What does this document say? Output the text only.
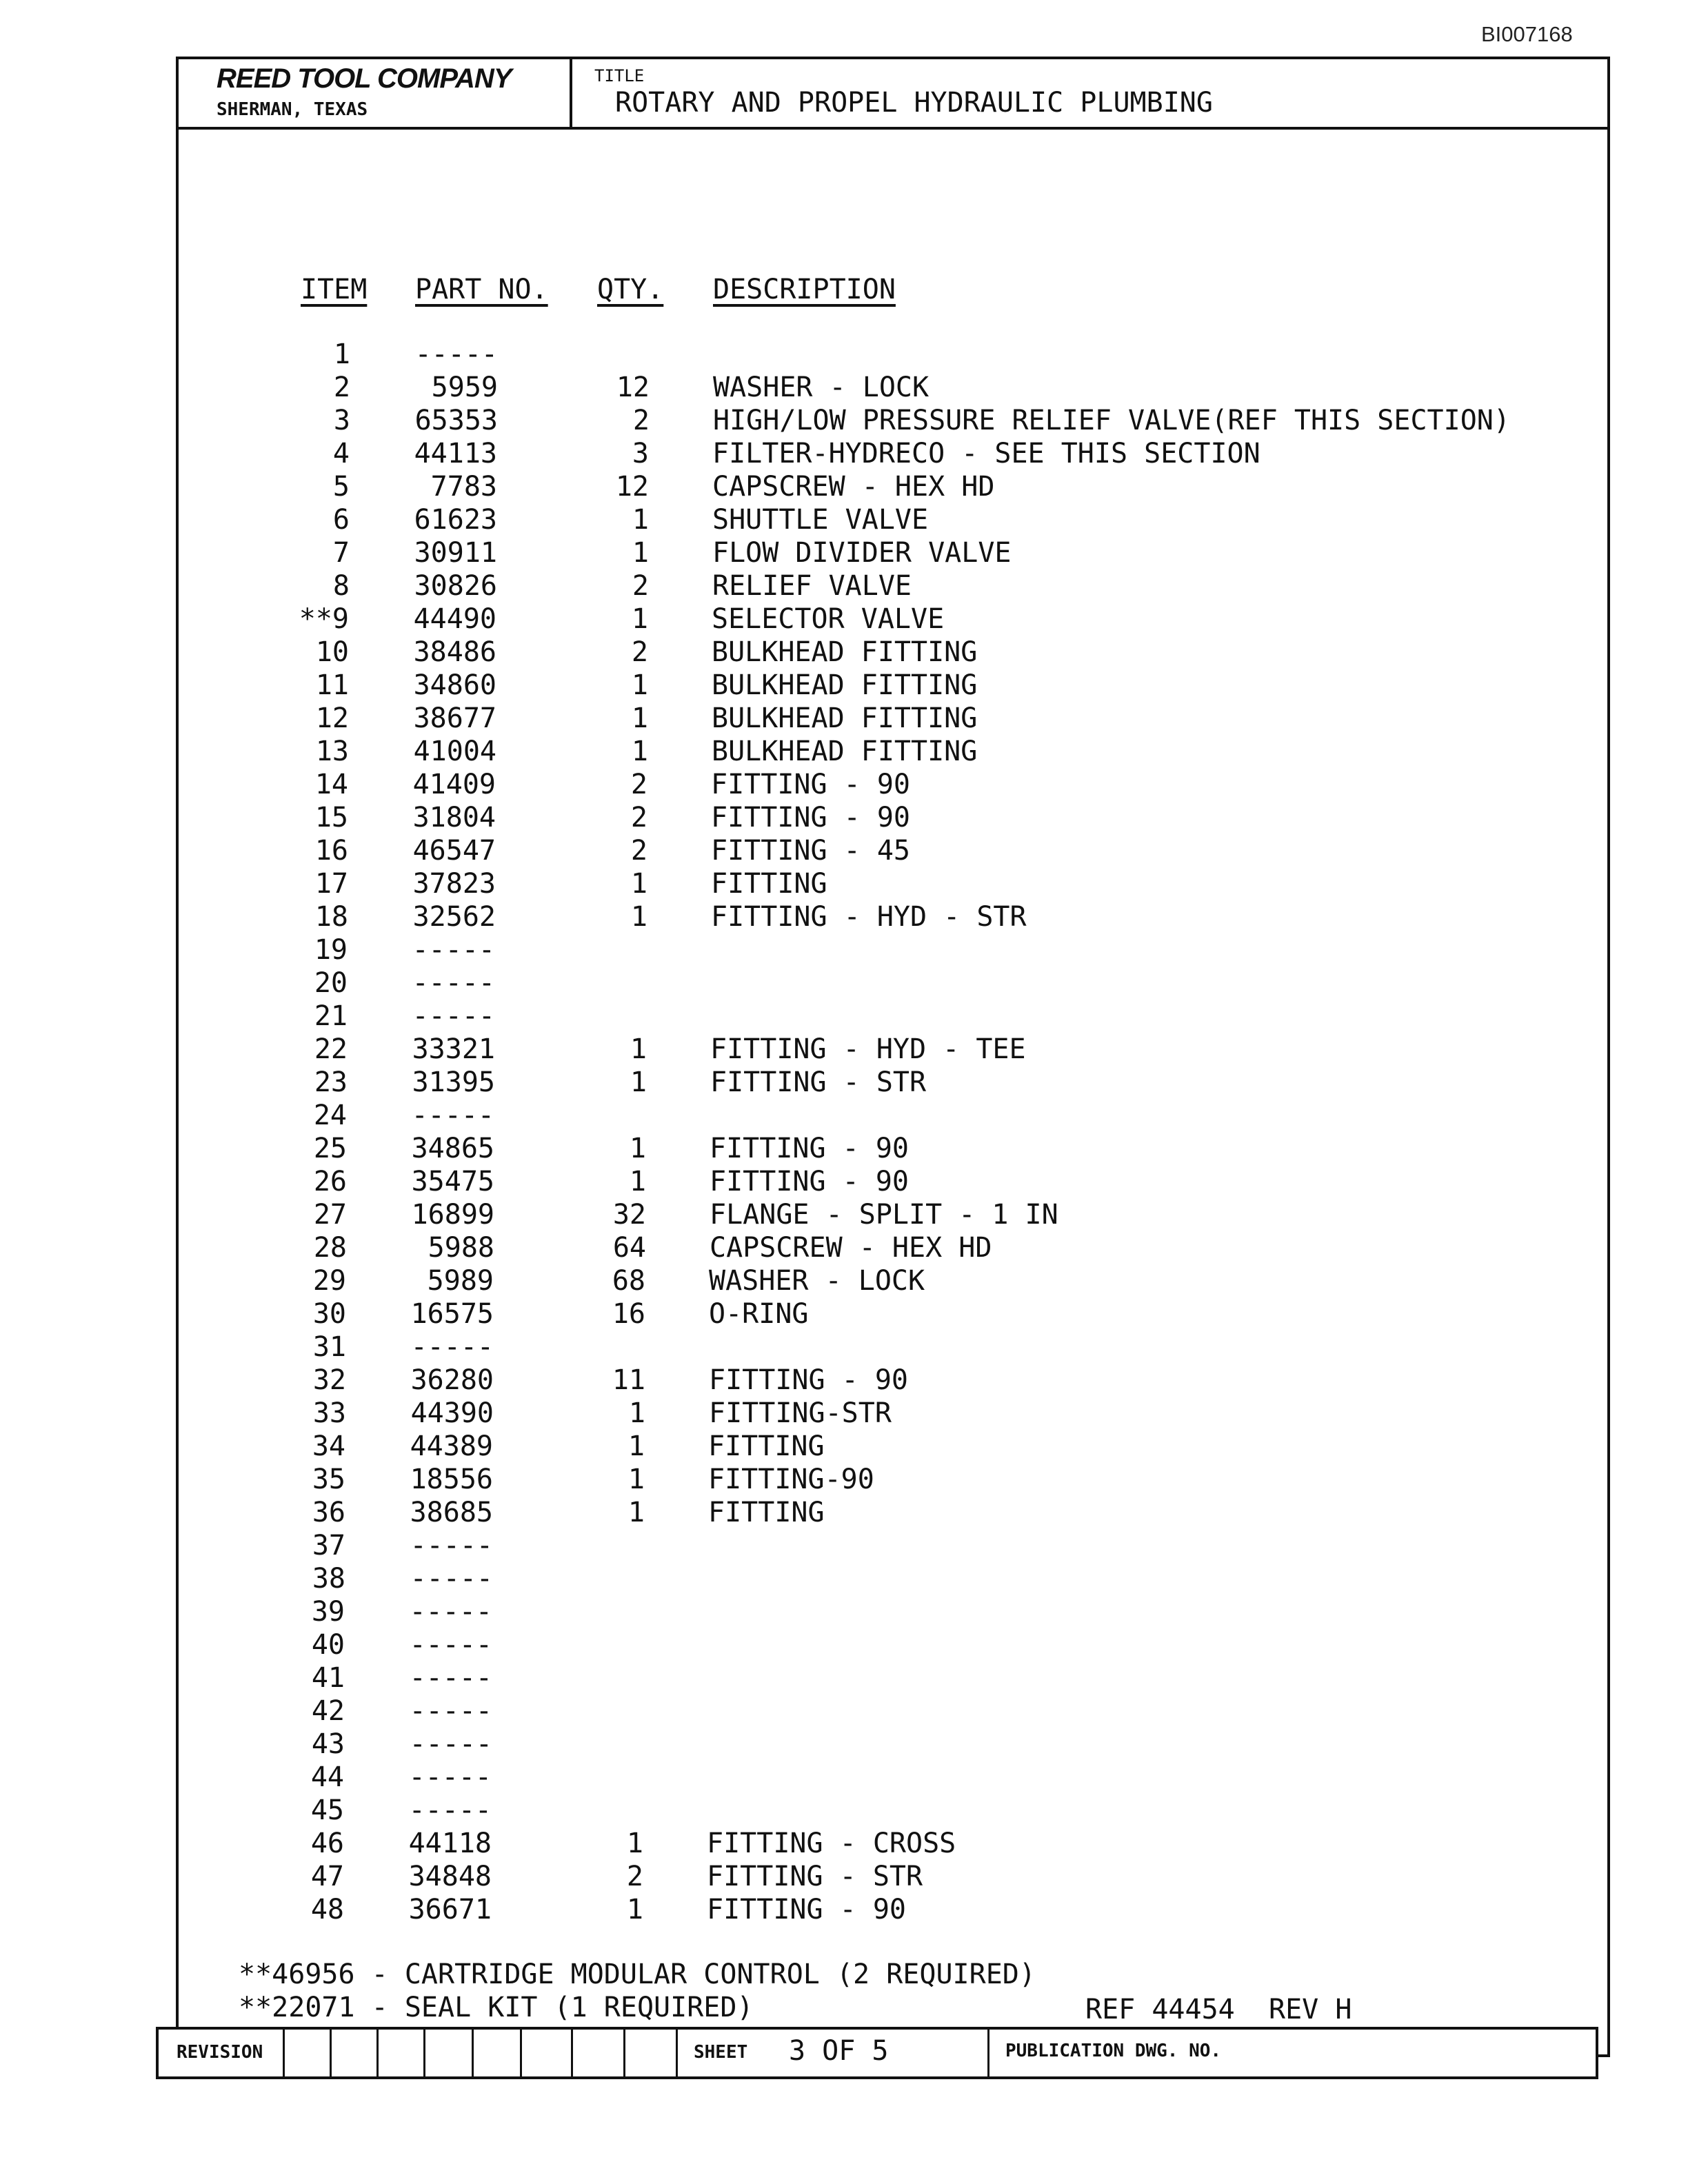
BI007168
REED TOOL COMPANY
SHERMAN, TEXAS
TITLE
ROTARY AND PROPEL HYDRAULIC PLUMBING
ITEM PART NO. QTY. DESCRIPTION
1	-----
2	5959	12 WASHER - LOCK
3	65353	2 HIGH/LOW PRESSURE RELIEF VALVE(REF THIS SECTION)
4	44113	3 FILTER-HYDRECO - SEE THIS SECTION
5	7783	12 CAPSCREW - HEX HD
6	61623	1 SHUTTLE VALVE
7	30911	1 FLOW DIVIDER VALVE
8	30826	2 RELIEF VALVE
**9	44490	1 SELECTOR VALVE
10	38486	2 BULKHEAD FITTING
11	34860	1 BULKHEAD FITTING
12	38677	1 BULKHEAD FITTING
13	41004	1 BULKHEAD FITTING
14	41409	2 FITTING - 90
15	31804	2 FITTING - 90
16	46547	2 FITTING - 45
17	37823	1 FITTING
18	32562	1 FITTING - HYD - STR
19	-----
20	-----
21	-----
22	33321	1 FITTING - HYD - TEE
23	31395	1 FITTING - STR
24	-----
25	34865	1 FITTING - 90
26	35475	1 FITTING - 90
27	16899	32 FLANGE - SPLIT - 1 IN
28	5988	64 CAPSCREW - HEX HD
29	5989	68 WASHER - LOCK
30	16575	16 O-RING
31	-----
32	36280	11 FITTING - 90
33	44390	1 FITTING-STR
34	44389	1 FITTING
35	18556	1 FITTING-90
36	38685	1 FITTING
37	-----
38	-----
39	-----
40	-----
41	-----
42	-----
43	-----
44	-----
45	-----
46	44118	1 FITTING - CROSS
47	34848	2 FITTING - STR
48	36671	1 FITTING - 90
**46956 - CARTRIDGE MODULAR CONTROL (2 REQUIRED)
**22071 - SEAL KIT (1 REQUIRED)	REF 44454 REV H
REVISION	SHEET 3 OF 5	PUBLICATION DWG. NO.
